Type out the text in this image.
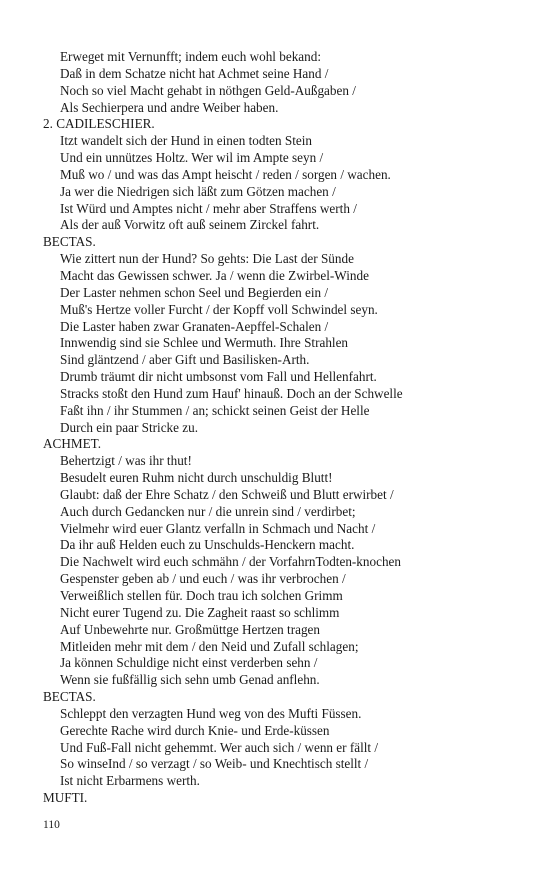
Erweget mit Vernunfft; indem euch wohl bekand:
Daß in dem Schatze nicht hat Achmet seine Hand /
Noch so viel Macht gehabt in nöthgen Geld-Außgaben /
Als Sechierpera und andre Weiber haben.
2. CADILESCHIER.
Itzt wandelt sich der Hund in einen todten Stein
Und ein unnützes Holtz. Wer wil im Ampte seyn /
Muß wo / und was das Ampt heischt / reden / sorgen / wachen.
Ja wer die Niedrigen sich läßt zum Götzen machen /
Ist Würd und Amptes nicht / mehr aber Straffens werth /
Als der auß Vorwitz oft auß seinem Zirckel fahrt.
BECTAS.
Wie zittert nun der Hund? So gehts: Die Last der Sünde
Macht das Gewissen schwer. Ja / wenn die Zwirbel-Winde
Der Laster nehmen schon Seel und Begierden ein /
Muß's Hertze voller Furcht / der Kopff voll Schwindel seyn.
Die Laster haben zwar Granaten-Aepffel-Schalen /
Innwendig sind sie Schlee und Wermuth. Ihre Strahlen
Sind gläntzend / aber Gift und Basilisken-Arth.
Drumb träumt dir nicht umbsonst vom Fall und Hellenfahrt.
Stracks stoßt den Hund zum Hauf' hinauß. Doch an der Schwelle
Faßt ihn / ihr Stummen / an; schickt seinen Geist der Helle
Durch ein paar Stricke zu.
ACHMET.
Behertzigt / was ihr thut!
Besudelt euren Ruhm nicht durch unschuldig Blutt!
Glaubt: daß der Ehre Schatz / den Schweiß und Blutt erwirbet /
Auch durch Gedancken nur / die unrein sind / verdirbet;
Vielmehr wird euer Glantz verfalln in Schmach und Nacht /
Da ihr auß Helden euch zu Unschulds-Henckern macht.
Die Nachwelt wird euch schmähn / der VorfahrnTodten-knochen
Gespenster geben ab / und euch / was ihr verbrochen /
Verweißlich stellen für. Doch trau ich solchen Grimm
Nicht eurer Tugend zu. Die Zagheit raast so schlimm
Auf Unbewehrte nur. Großmüttge Hertzen tragen
Mitleiden mehr mit dem / den Neid und Zufall schlagen;
Ja können Schuldige nicht einst verderben sehn /
Wenn sie fußfällig sich sehn umb Genad anflehn.
BECTAS.
Schleppt den verzagten Hund weg von des Mufti Füssen.
Gerechte Rache wird durch Knie- und Erde-küssen
Und Fuß-Fall nicht gehemmt. Wer auch sich / wenn er fällt /
So winseInd / so verzagt / so Weib- und Knechtisch stellt /
Ist nicht Erbarmens werth.
MUFTI.
110
